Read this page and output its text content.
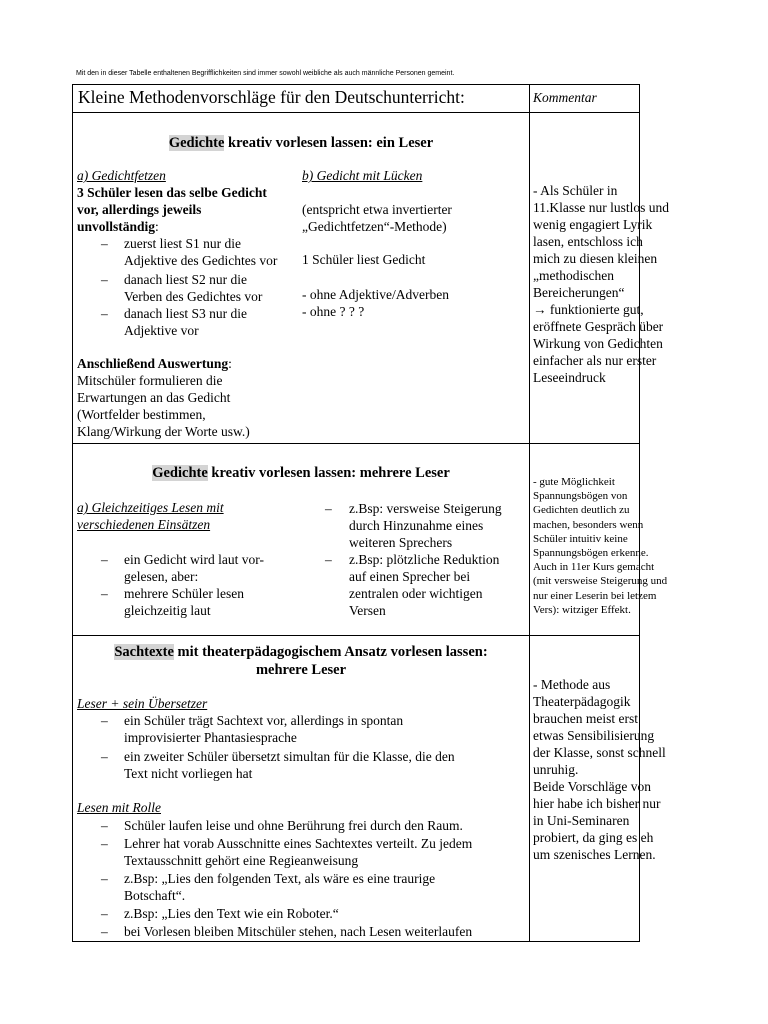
Mit den in dieser Tabelle enthaltenen Begrifflichkeiten sind immer sowohl weibliche als auch männliche Personen gemeint.
Kleine Methodenvorschläge für den Deutschunterricht:	Kommentar
Gedichte kreativ vorlesen lassen: ein Leser
a) Gedichtfetzen
3 Schüler lesen das selbe Gedicht
vor, allerdings jeweils
unvollständig:
– zuerst liest S1 nur die
Adjektive des Gedichtes vor
– danach liest S2 nur die
Verben des Gedichtes vor
– danach liest S3 nur die
Adjektive vor
Anschließend Auswertung:
Mitschüler formulieren die
Erwartungen an das Gedicht
(Wortfelder bestimmen,
Klang/Wirkung der Worte usw.)
b) Gedicht mit Lücken
(entspricht etwa invertierter
„Gedichtfetzen“-Methode)
1 Schüler liest Gedicht
- ohne Adjektive/Adverben
- ohne ? ? ?
- Als Schüler in
11.Klasse nur lustlos und
wenig engagiert Lyrik
lasen, entschloss ich
mich zu diesen kleinen
„methodischen
Bereicherungen“
→ funktionierte gut,
eröffnete Gespräch über
Wirkung von Gedichten
einfacher als nur erster
Leseeindruck
Gedichte kreativ vorlesen lassen: mehrere Leser
a) Gleichzeitiges Lesen mit
verschiedenen Einsätzen
– ein Gedicht wird laut vor-
gelesen, aber:
– mehrere Schüler lesen
gleichzeitig laut
– z.Bsp: versweise Steigerung
durch Hinzunahme eines
weiteren Sprechers
– z.Bsp: plötzliche Reduktion
auf einen Sprecher bei
zentralen oder wichtigen
Versen
- gute Möglichkeit
Spannungsbögen von
Gedichten deutlich zu
machen, besonders wenn
Schüler intuitiv keine
Spannungsbögen erkenne.
Auch in 11er Kurs gemacht
(mit versweise Steigerung und
nur einer Leserin bei letzem
Vers): witziger Effekt.
Sachtexte mit theaterpädagogischem Ansatz vorlesen lassen:
mehrere Leser
Leser + sein Übersetzer
– ein Schüler trägt Sachtext vor, allerdings in spontan
improvisierter Phantasiesprache
– ein zweiter Schüler übersetzt simultan für die Klasse, die den
Text nicht vorliegen hat
Lesen mit Rolle
– Schüler laufen leise und ohne Berührung frei durch den Raum.
– Lehrer hat vorab Ausschnitte eines Sachtextes verteilt. Zu jedem
Textausschnitt gehört eine Regieanweisung
– z.Bsp: „Lies den folgenden Text, als wäre es eine traurige
Botschaft“.
– z.Bsp: „Lies den Text wie ein Roboter.“
– bei Vorlesen bleiben Mitschüler stehen, nach Lesen weiterlaufen
- Methode aus
Theaterpädagogik
brauchen meist erst
etwas Sensibilisierung
der Klasse, sonst schnell
unruhig.
Beide Vorschläge von
hier habe ich bisher nur
in Uni-Seminaren
probiert, da ging es eh
um szenisches Lernen.
